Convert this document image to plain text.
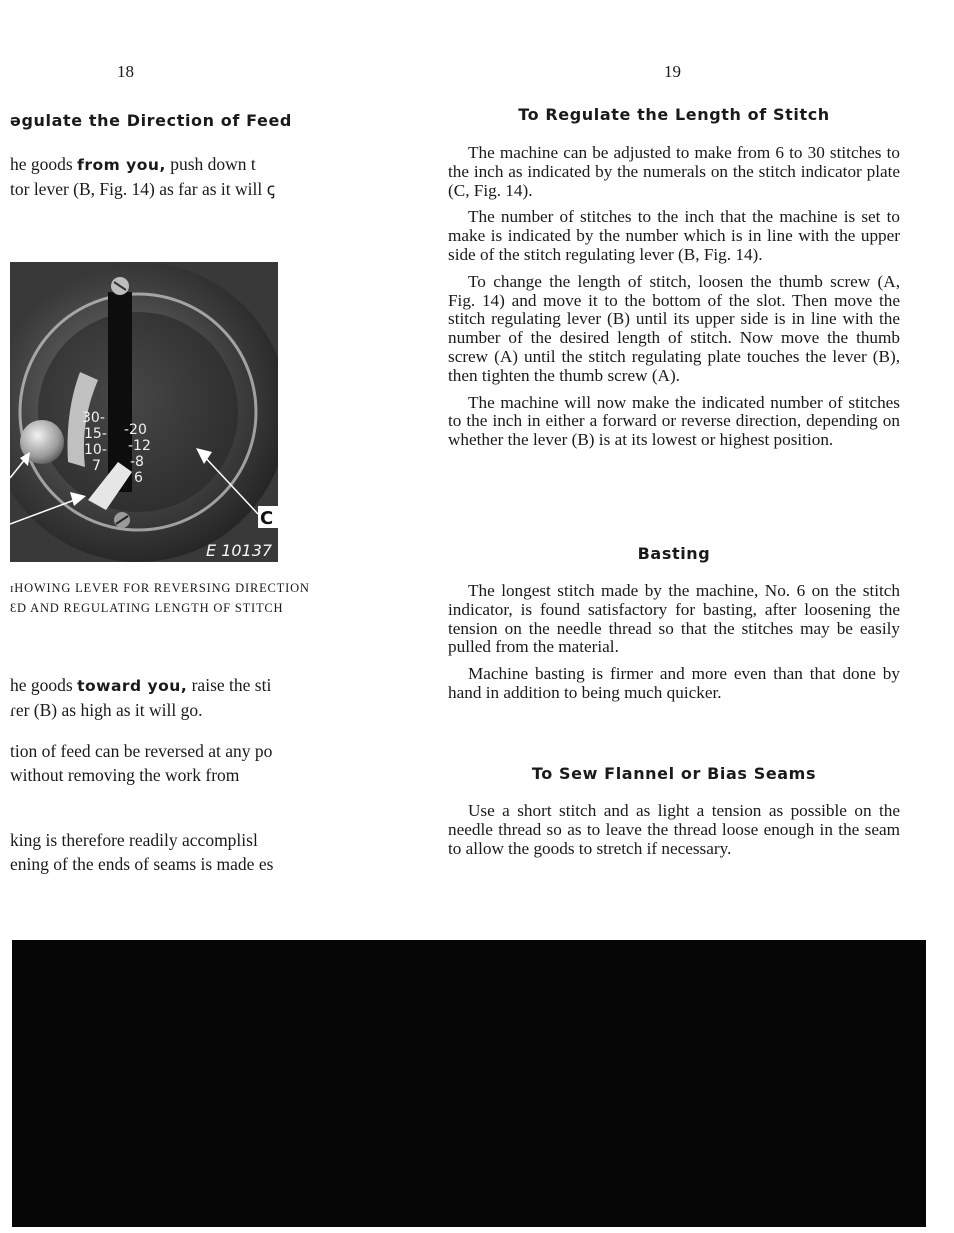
18
əgulate the Direction of Feed
he goods from you, push down t
tor lever (B, Fig. 14) as far as it will ꞔ
ɪHOWING LEVER FOR REVERSING DIRECTION
ƐD AND REGULATING LENGTH OF STITCH
he goods toward you, raise the sti
ɾer (B) as high as it will go.
tion of feed can be reversed at any po
without removing the work from
king is therefore readily accomplisl
ening of the ends of seams is made es
30-
15-
10-
7
-20
-12
-8
6
C
E 10137
19
To Regulate the Length of Stitch

The machine can be adjusted to make from 6 to 30 stitches to the inch as indicated by the numerals on the stitch indicator plate (C, Fig. 14).

The number of stitches to the inch that the machine is set to make is indicated by the number which is in line with the upper side of the stitch regulating lever (B, Fig. 14).

To change the length of stitch, loosen the thumb screw (A, Fig. 14) and move it to the bottom of the slot. Then move the stitch regulating lever (B) until its upper side is in line with the number of the desired length of stitch. Now move the thumb screw (A) until the stitch regulating plate touches the lever (B), then tighten the thumb screw (A).

The machine will now make the indicated number of stitches to the inch in either a forward or reverse direction, depending on whether the lever (B) is at its lowest or highest position.

Basting

The longest stitch made by the machine, No. 6 on the stitch indicator, is found satisfactory for basting, after loosening the tension on the needle thread so that the stitches may be easily pulled from the material.

Machine basting is firmer and more even than that done by hand in addition to being much quicker.

To Sew Flannel or Bias Seams

Use a short stitch and as light a tension as possible on the needle thread so as to leave the thread loose enough in the seam to allow the goods to stretch if necessary.
